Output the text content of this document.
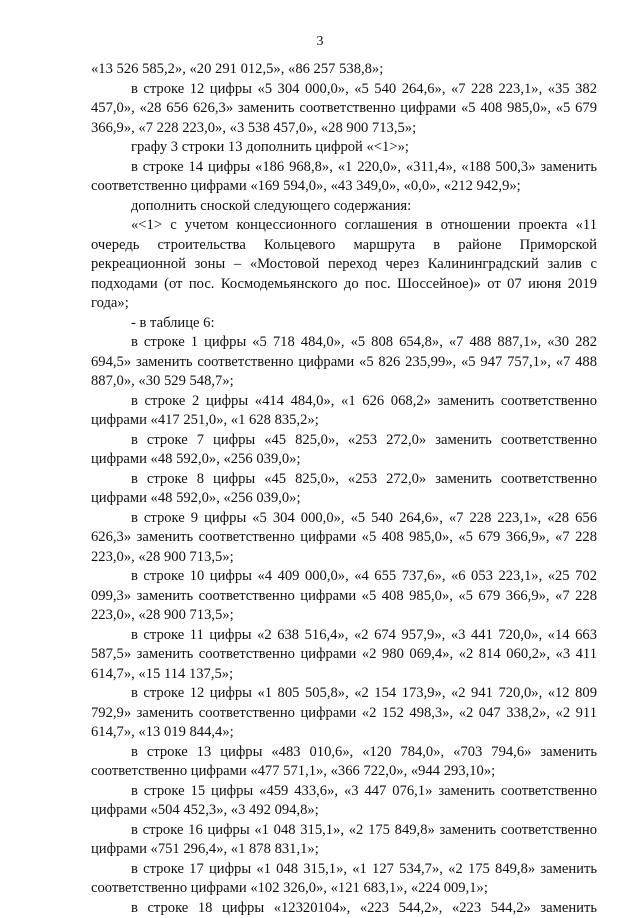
3

«13 526 585,2», «20 291 012,5», «86 257 538,8»;

в строке 12 цифры «5 304 000,0», «5 540 264,6», «7 228 223,1», «35 382 457,0», «28 656 626,3» заменить соответственно цифрами «5 408 985,0», «5 679 366,9», «7 228 223,0», «3 538 457,0», «28 900 713,5»;

графу 3 строки 13 дополнить цифрой «<1>»;

в строке 14 цифры «186 968,8», «1 220,0», «311,4», «188 500,3» заменить соответственно цифрами «169 594,0», «43 349,0», «0,0», «212 942,9»;

дополнить сноской следующего содержания:

«<1> с учетом концессионного соглашения в отношении проекта «11 очередь строительства Кольцевого маршрута в районе Приморской рекреационной зоны – «Мостовой переход через Калининградский залив с подходами (от пос. Космодемьянского до пос. Шоссейное)» от 07 июня 2019 года»;

- в таблице 6:

в строке 1 цифры «5 718 484,0», «5 808 654,8», «7 488 887,1», «30 282 694,5» заменить соответственно цифрами «5 826 235,99», «5 947 757,1», «7 488 887,0», «30 529 548,7»;

в строке 2 цифры «414 484,0», «1 626 068,2» заменить соответственно цифрами «417 251,0», «1 628 835,2»;

в строке 7 цифры «45 825,0», «253 272,0» заменить соответственно цифрами «48 592,0», «256 039,0»;

в строке 8 цифры «45 825,0», «253 272,0» заменить соответственно цифрами «48 592,0», «256 039,0»;

в строке 9 цифры «5 304 000,0», «5 540 264,6», «7 228 223,1», «28 656 626,3» заменить соответственно цифрами «5 408 985,0», «5 679 366,9», «7 228 223,0», «28 900 713,5»;

в строке 10 цифры «4 409 000,0», «4 655 737,6», «6 053 223,1», «25 702 099,3» заменить соответственно цифрами «5 408 985,0», «5 679 366,9», «7 228 223,0», «28 900 713,5»;

в строке 11 цифры «2 638 516,4», «2 674 957,9», «3 441 720,0», «14 663 587,5» заменить соответственно цифрами «2 980 069,4», «2 814 060,2», «3 411 614,7», «15 114 137,5»;

в строке 12 цифры «1 805 505,8», «2 154 173,9», «2 941 720,0», «12 809 792,9» заменить соответственно цифрами «2 152 498,3», «2 047 338,2», «2 911 614,7», «13 019 844,4»;

в строке 13 цифры «483 010,6», «120 784,0», «703 794,6» заменить соответственно цифрами «477 571,1», «366 722,0», «944 293,10»;

в строке 15 цифры «459 433,6», «3 447 076,1» заменить соответственно цифрами «504 452,3», «3 492 094,8»;

в строке 16 цифры «1 048 315,1», «2 175 849,8» заменить соответственно цифрами «751 296,4», «1 878 831,1»;

в строке 17 цифры «1 048 315,1», «1 127 534,7», «2 175 849,8» заменить соответственно цифрами «102 326,0», «121 683,1», «224 009,1»;

в строке 18 цифры «12320104», «223 544,2», «223 544,2» заменить
